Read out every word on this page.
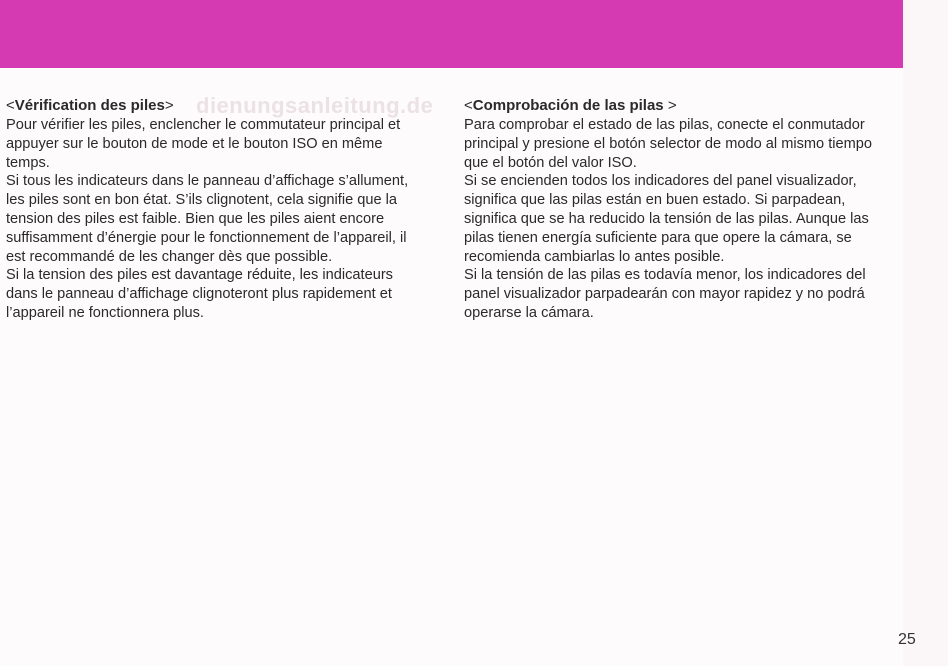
dienungsanleitung.de
<Vérification des piles>

Pour vérifier les piles, enclencher le commutateur principal et appuyer sur le bouton de mode et le bouton ISO en même temps.

Si tous les indicateurs dans le panneau d’affichage s’allument, les piles sont en bon état. S’ils clignotent, cela signifie que la tension des piles est faible. Bien que les piles aient encore suffisamment d’énergie pour le fonctionnement de l’appareil, il est recommandé de les changer dès que possible.

Si la tension des piles est davantage réduite, les indicateurs dans le panneau d’affichage clignoteront plus rapidement et l’appareil ne fonctionnera plus.

<Comprobación de las pilas >

Para comprobar el estado de las pilas, conecte el conmutador principal y presione el botón selector de modo al mismo tiempo que el botón del valor ISO.

Si se encienden todos los indicadores del panel visualizador, significa que las pilas están en buen estado. Si parpadean, significa que se ha reducido la tensión de las pilas. Aunque las pilas tienen energía suficiente para que opere la cámara, se recomienda cambiarlas lo antes posible.

Si la tensión de las pilas es todavía menor, los indicadores del panel visualizador parpadearán con mayor rapidez y no podrá operarse la cámara.

25
